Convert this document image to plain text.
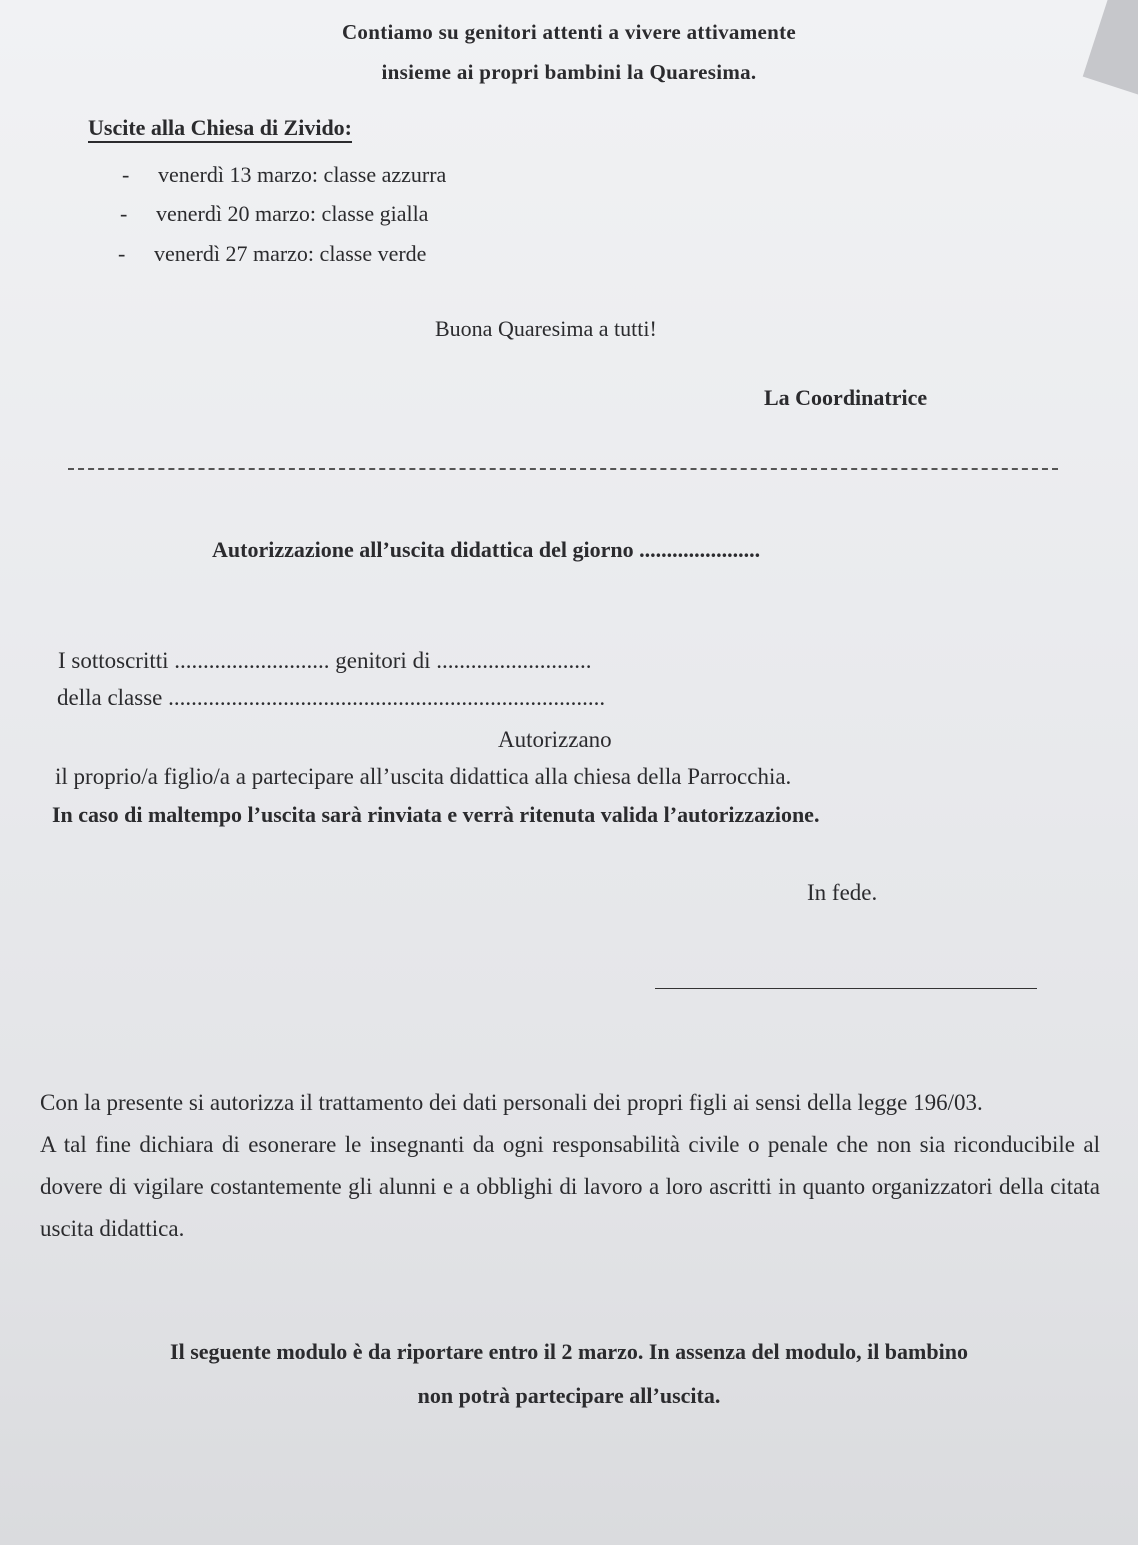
Contiamo su genitori attenti a vivere attivamente
insieme ai propri bambini la Quaresima.
Uscite alla Chiesa di Zivido:
- venerdì 13 marzo: classe azzurra
- venerdì 20 marzo: classe gialla
- venerdì 27 marzo: classe verde
Buona Quaresima a tutti!
La Coordinatrice
Autorizzazione all’uscita didattica del giorno ......................
I sottoscritti ........................... genitori di ...........................
della classe ............................................................................
Autorizzano
il proprio/a figlio/a a partecipare all’uscita didattica alla chiesa della Parrocchia.
In caso di maltempo l’uscita sarà rinviata e verrà ritenuta valida l’autorizzazione.
In fede.

Con la presente si autorizza il trattamento dei dati personali dei propri figli ai sensi della legge 196/03.

A tal fine dichiara di esonerare le insegnanti da ogni responsabilità civile o penale che non sia riconducibile al dovere di vigilare costantemente gli alunni e a obblighi di lavoro a loro ascritti in quanto organizzatori della citata uscita didattica.

Il seguente modulo è da riportare entro il 2 marzo. In assenza del modulo, il bambino
non potrà partecipare all’uscita.
